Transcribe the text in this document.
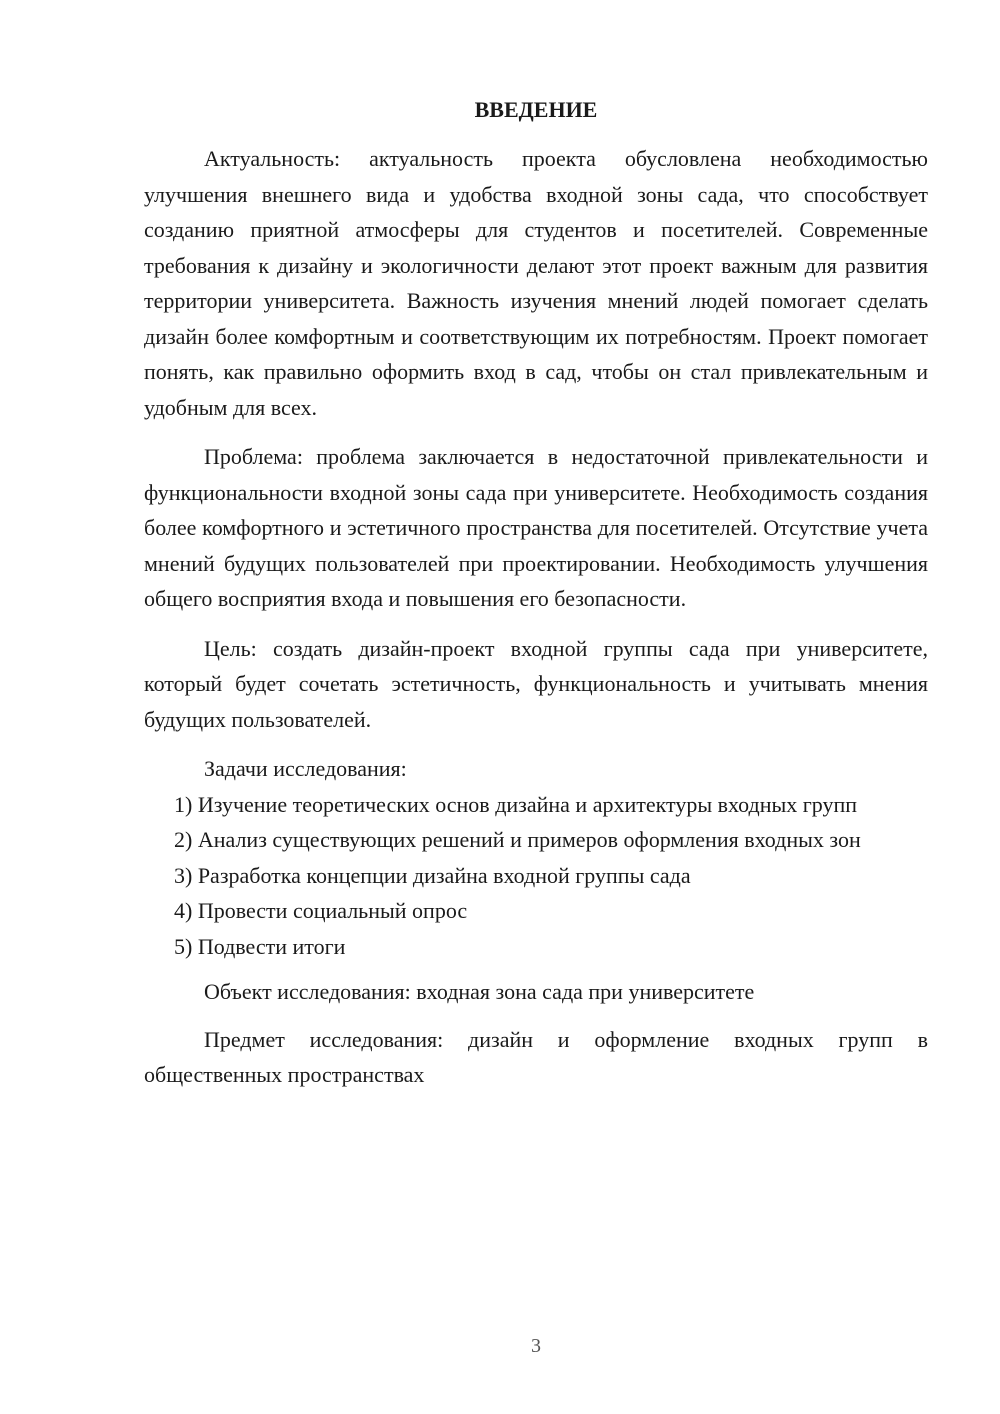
ВВЕДЕНИЕ

Актуальность: актуальность проекта обусловлена необходимостью улучшения внешнего вида и удобства входной зоны сада, что способствует созданию приятной атмосферы для студентов и посетителей. Современные требования к дизайну и экологичности делают этот проект важным для развития территории университета. Важность изучения мнений людей помогает сделать дизайн более комфортным и соответствующим их потребностям. Проект помогает понять, как правильно оформить вход в сад, чтобы он стал привлекательным и удобным для всех.

Проблема: проблема заключается в недостаточной привлекательности и функциональности входной зоны сада при университете. Необходимость создания более комфортного и эстетичного пространства для посетителей. Отсутствие учета мнений будущих пользователей при проектировании. Необходимость улучшения общего восприятия входа и повышения его безопасности.

Цель: создать дизайн-проект входной группы сада при университете, который будет сочетать эстетичность, функциональность и учитывать мнения будущих пользователей.

Задачи исследования:

1) Изучение теоретических основ дизайна и архитектуры входных групп

2) Анализ существующих решений и примеров оформления входных зон

3) Разработка концепции дизайна входной группы сада

4) Провести социальный опрос

5) Подвести итоги

Объект исследования: входная зона сада при университете

Предмет исследования: дизайн и оформление входных групп в общественных пространствах

3
